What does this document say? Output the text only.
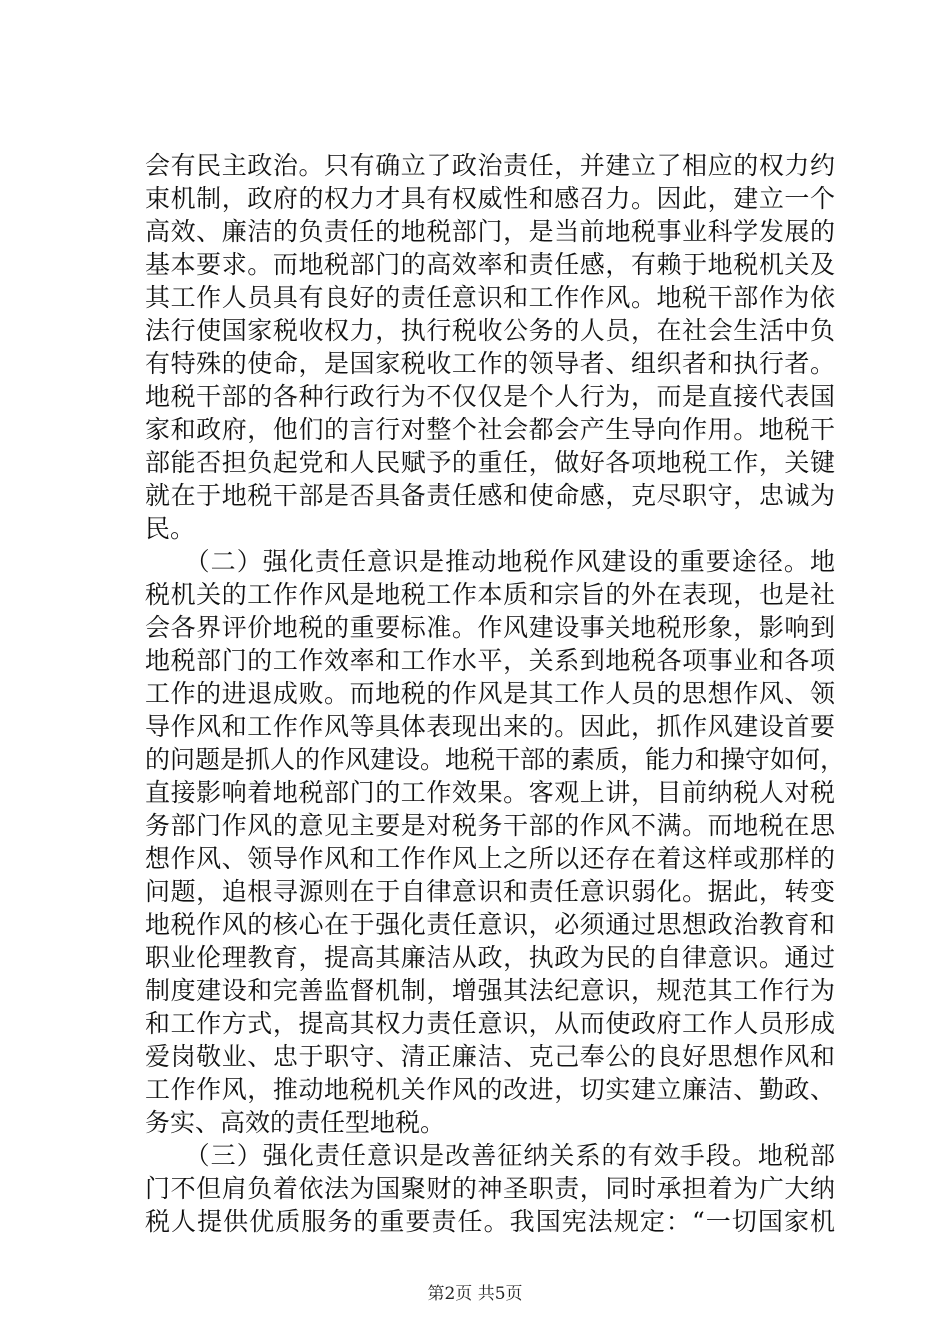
会有民主政治。只有确立了政治责任，并建立了相应的权力约
束机制，政府的权力才具有权威性和感召力。因此，建立一个
高效、廉洁的负责任的地税部门，是当前地税事业科学发展的
基本要求。而地税部门的高效率和责任感，有赖于地税机关及
其工作人员具有良好的责任意识和工作作风。地税干部作为依
法行使国家税收权力，执行税收公务的人员，在社会生活中负
有特殊的使命，是国家税收工作的领导者、组织者和执行者。
地税干部的各种行政行为不仅仅是个人行为，而是直接代表国
家和政府，他们的言行对整个社会都会产生导向作用。地税干
部能否担负起党和人民赋予的重任，做好各项地税工作，关键
就在于地税干部是否具备责任感和使命感，克尽职守，忠诚为
民。
　　（二）强化责任意识是推动地税作风建设的重要途径。地
税机关的工作作风是地税工作本质和宗旨的外在表现，也是社
会各界评价地税的重要标准。作风建设事关地税形象，影响到
地税部门的工作效率和工作水平，关系到地税各项事业和各项
工作的进退成败。而地税的作风是其工作人员的思想作风、领
导作风和工作作风等具体表现出来的。因此，抓作风建设首要
的问题是抓人的作风建设。地税干部的素质，能力和操守如何，
直接影响着地税部门的工作效果。客观上讲，目前纳税人对税
务部门作风的意见主要是对税务干部的作风不满。而地税在思
想作风、领导作风和工作作风上之所以还存在着这样或那样的
问题，追根寻源则在于自律意识和责任意识弱化。据此，转变
地税作风的核心在于强化责任意识，必须通过思想政治教育和
职业伦理教育，提高其廉洁从政，执政为民的自律意识。通过
制度建设和完善监督机制，增强其法纪意识，规范其工作行为
和工作方式，提高其权力责任意识，从而使政府工作人员形成
爱岗敬业、忠于职守、清正廉洁、克己奉公的良好思想作风和
工作作风，推动地税机关作风的改进，切实建立廉洁、勤政、
务实、高效的责任型地税。
　　（三）强化责任意识是改善征纳关系的有效手段。地税部
门不但肩负着依法为国聚财的神圣职责，同时承担着为广大纳
税人提供优质服务的重要责任。我国宪法规定：“一切国家机
第2页 共5页
